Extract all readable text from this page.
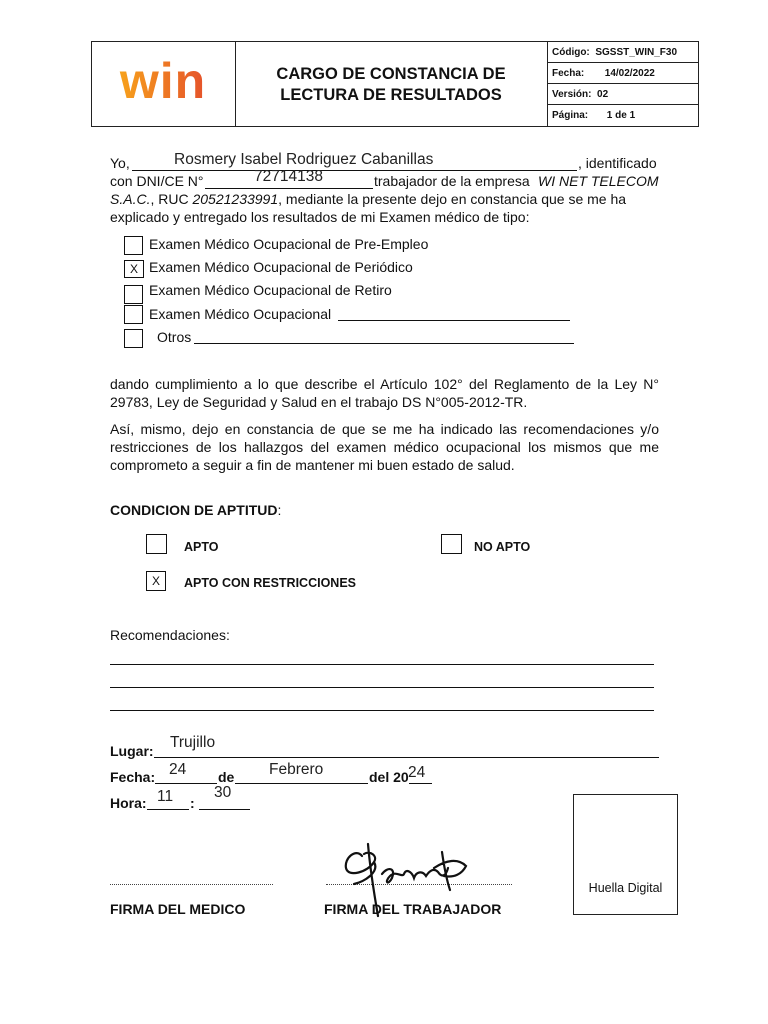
win	CARGO DE CONSTANCIA DE LECTURA DE RESULTADOS
Código: SGSST_WIN_F30
Fecha: 14/02/2022
Versión: 02
Página: 1 de 1
Yo,	Rosmery Isabel Rodriguez Cabanillas	, identificado
con DNI/CE N°	72714138	trabajador de la empresa WI NET TELECOM
S.A.C., RUC 20521233991, mediante la presente dejo en constancia que se me ha
explicado y entregado los resultados de mi Examen médico de tipo:
Examen Médico Ocupacional de Pre-Empleo
X Examen Médico Ocupacional de Periódico
Examen Médico Ocupacional de Retiro
Examen Médico Ocupacional
Otros
dando cumplimiento a lo que describe el Artículo 102° del Reglamento de la Ley N° 29783, Ley de Seguridad y Salud en el trabajo DS N°005-2012-TR.
Así, mismo, dejo en constancia de que se me ha indicado las recomendaciones y/o restricciones de los hallazgos del examen médico ocupacional los mismos que me comprometo a seguir a fin de mantener mi buen estado de salud.
CONDICION DE APTITUD:
APTO	NO APTO
X	APTO CON RESTRICCIONES
Recomendaciones:
Lugar: Trujillo
Fecha: 24 de Febrero	del 20 24
Hora: 11 :
30
FIRMA DEL MEDICO	FIRMA DEL TRABAJADOR
Huella Digital
